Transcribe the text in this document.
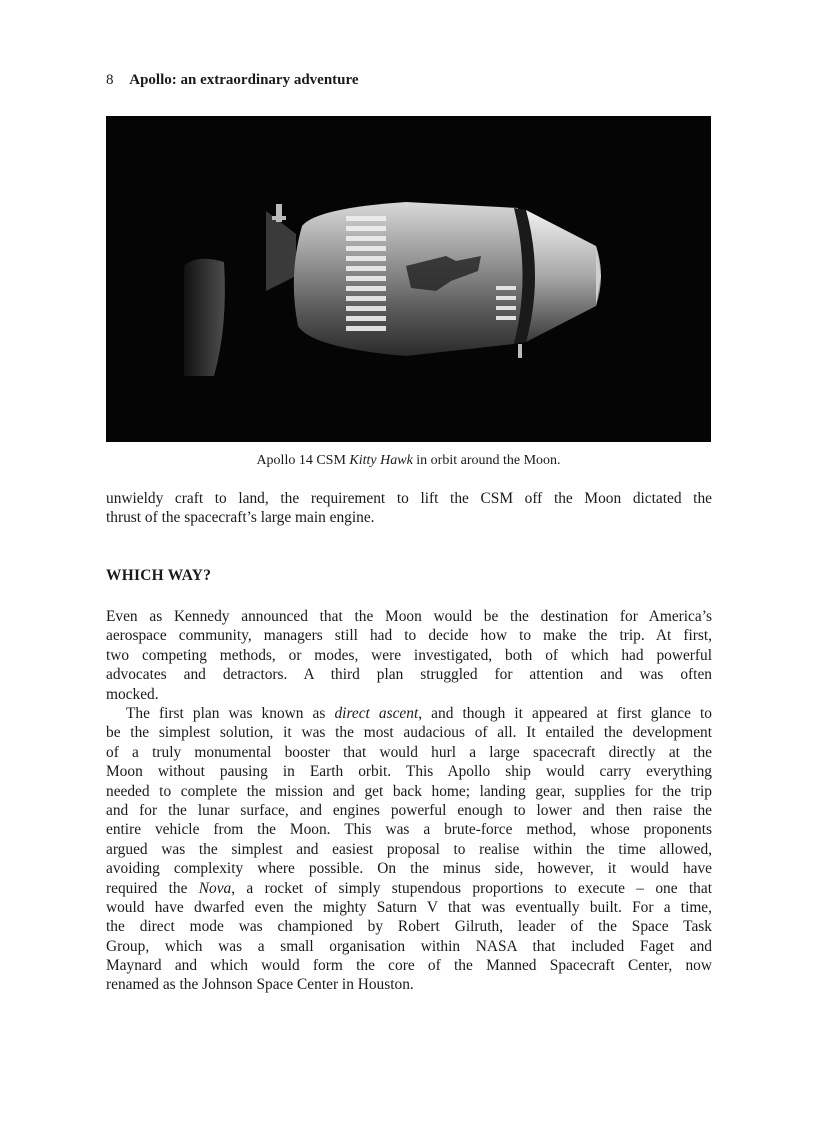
8 Apollo: an extraordinary adventure
Apollo 14 CSM Kitty Hawk in orbit around the Moon.

unwieldy craft to land, the requirement to lift the CSM off the Moon dictated the
thrust of the spacecraft’s large main engine.

WHICH WAY?

Even as Kennedy announced that the Moon would be the destination for America’s
aerospace community, managers still had to decide how to make the trip. At first,
two competing methods, or modes, were investigated, both of which had powerful
advocates and detractors. A third plan struggled for attention and was often
mocked.

The first plan was known as direct ascent, and though it appeared at first glance to
be the simplest solution, it was the most audacious of all. It entailed the development
of a truly monumental booster that would hurl a large spacecraft directly at the
Moon without pausing in Earth orbit. This Apollo ship would carry everything
needed to complete the mission and get back home; landing gear, supplies for the trip
and for the lunar surface, and engines powerful enough to lower and then raise the
entire vehicle from the Moon. This was a brute-force method, whose proponents
argued was the simplest and easiest proposal to realise within the time allowed,
avoiding complexity where possible. On the minus side, however, it would have
required the Nova, a rocket of simply stupendous proportions to execute – one that
would have dwarfed even the mighty Saturn V that was eventually built. For a time,
the direct mode was championed by Robert Gilruth, leader of the Space Task
Group, which was a small organisation within NASA that included Faget and
Maynard and which would form the core of the Manned Spacecraft Center, now
renamed as the Johnson Space Center in Houston.
